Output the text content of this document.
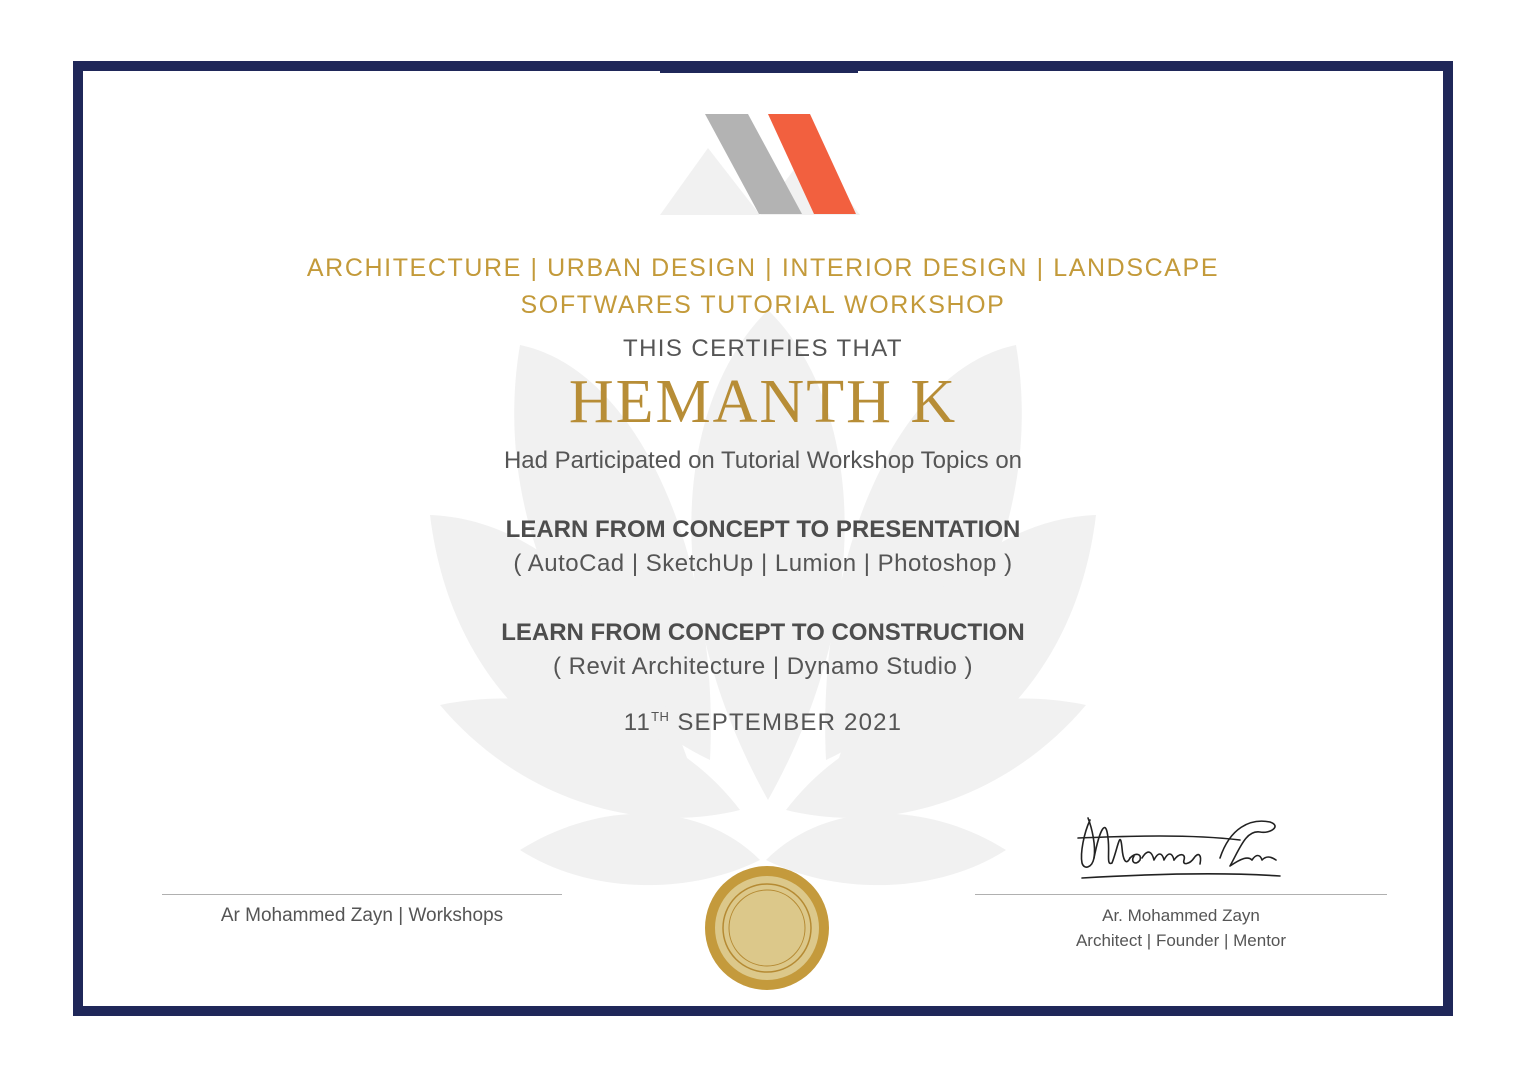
ARCHITECTURE | URBAN DESIGN | INTERIOR DESIGN | LANDSCAPE
SOFTWARES TUTORIAL WORKSHOP
THIS CERTIFIES THAT
HEMANTH K
Had Participated on Tutorial Workshop Topics on
LEARN FROM CONCEPT TO PRESENTATION
( AutoCad | SketchUp | Lumion | Photoshop )
LEARN FROM CONCEPT TO CONSTRUCTION
( Revit Architecture | Dynamo Studio )
11TH SEPTEMBER 2021
Ar Mohammed Zayn | Workshops	Ar. Mohammed Zayn
Architect | Founder | Mentor
